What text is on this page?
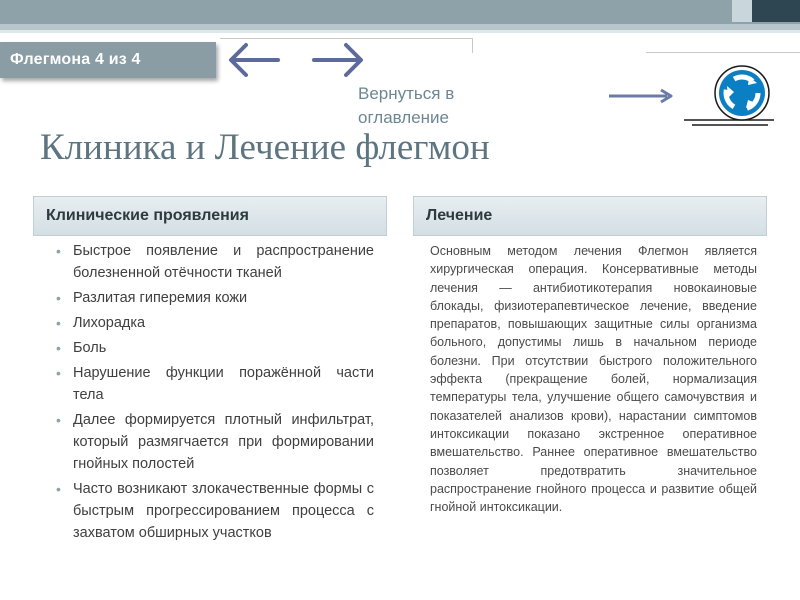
Флегмона 4 из 4
Вернуться в оглавление
Клиника и Лечение флегмон
Клинические проявления	Лечение
• Быстрое появление и распространение болезненной отёчности тканей
• Разлитая гиперемия кожи
• Лихорадка
• Боль
• Нарушение функции поражённой части тела
• Далее формируется плотный инфильтрат, который размягчается при формировании гнойных полостей
• Часто возникают злокачественные формы с быстрым прогрессированием процесса с захватом обширных участков

Основным методом лечения Флегмон является хирургическая операция. Консервативные методы лечения — антибиотикотерапия новокаиновые блокады, физиотерапевтическое лечение, введение препаратов, повышающих защитные силы организма больного, допустимы лишь в начальном периоде болезни. При отсутствии быстрого положительного эффекта (прекращение болей, нормализация температуры тела, улучшение общего самочувствия и показателей анализов крови), нарастании симптомов интоксикации показано экстренное оперативное вмешательство. Раннее оперативное вмешательство позволяет предотвратить значительное распространение гнойного процесса и развитие общей гнойной интоксикации.
